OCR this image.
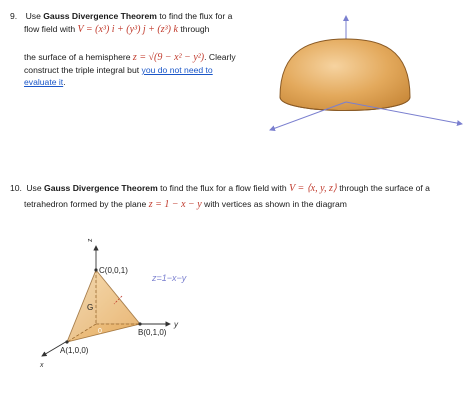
9. Use Gauss Divergence Theorem to find the flux for a
flow field with V = (x³) i + (y³) j + (z³) k through
the surface of a hemisphere z = √(9 − x² − y²). Clearly
construct the triple integral but you do not need to
evaluate it.
10. Use Gauss Divergence Theorem to find the flux for a flow field with V = ⟨x, y, z⟩ through the surface of a
tetrahedron formed by the plane z = 1 − x − y with vertices as shown in the diagram
z
y
x
C(0,0,1)
B(0,1,0)
A(1,0,0)
0
G
z=1−x−y
